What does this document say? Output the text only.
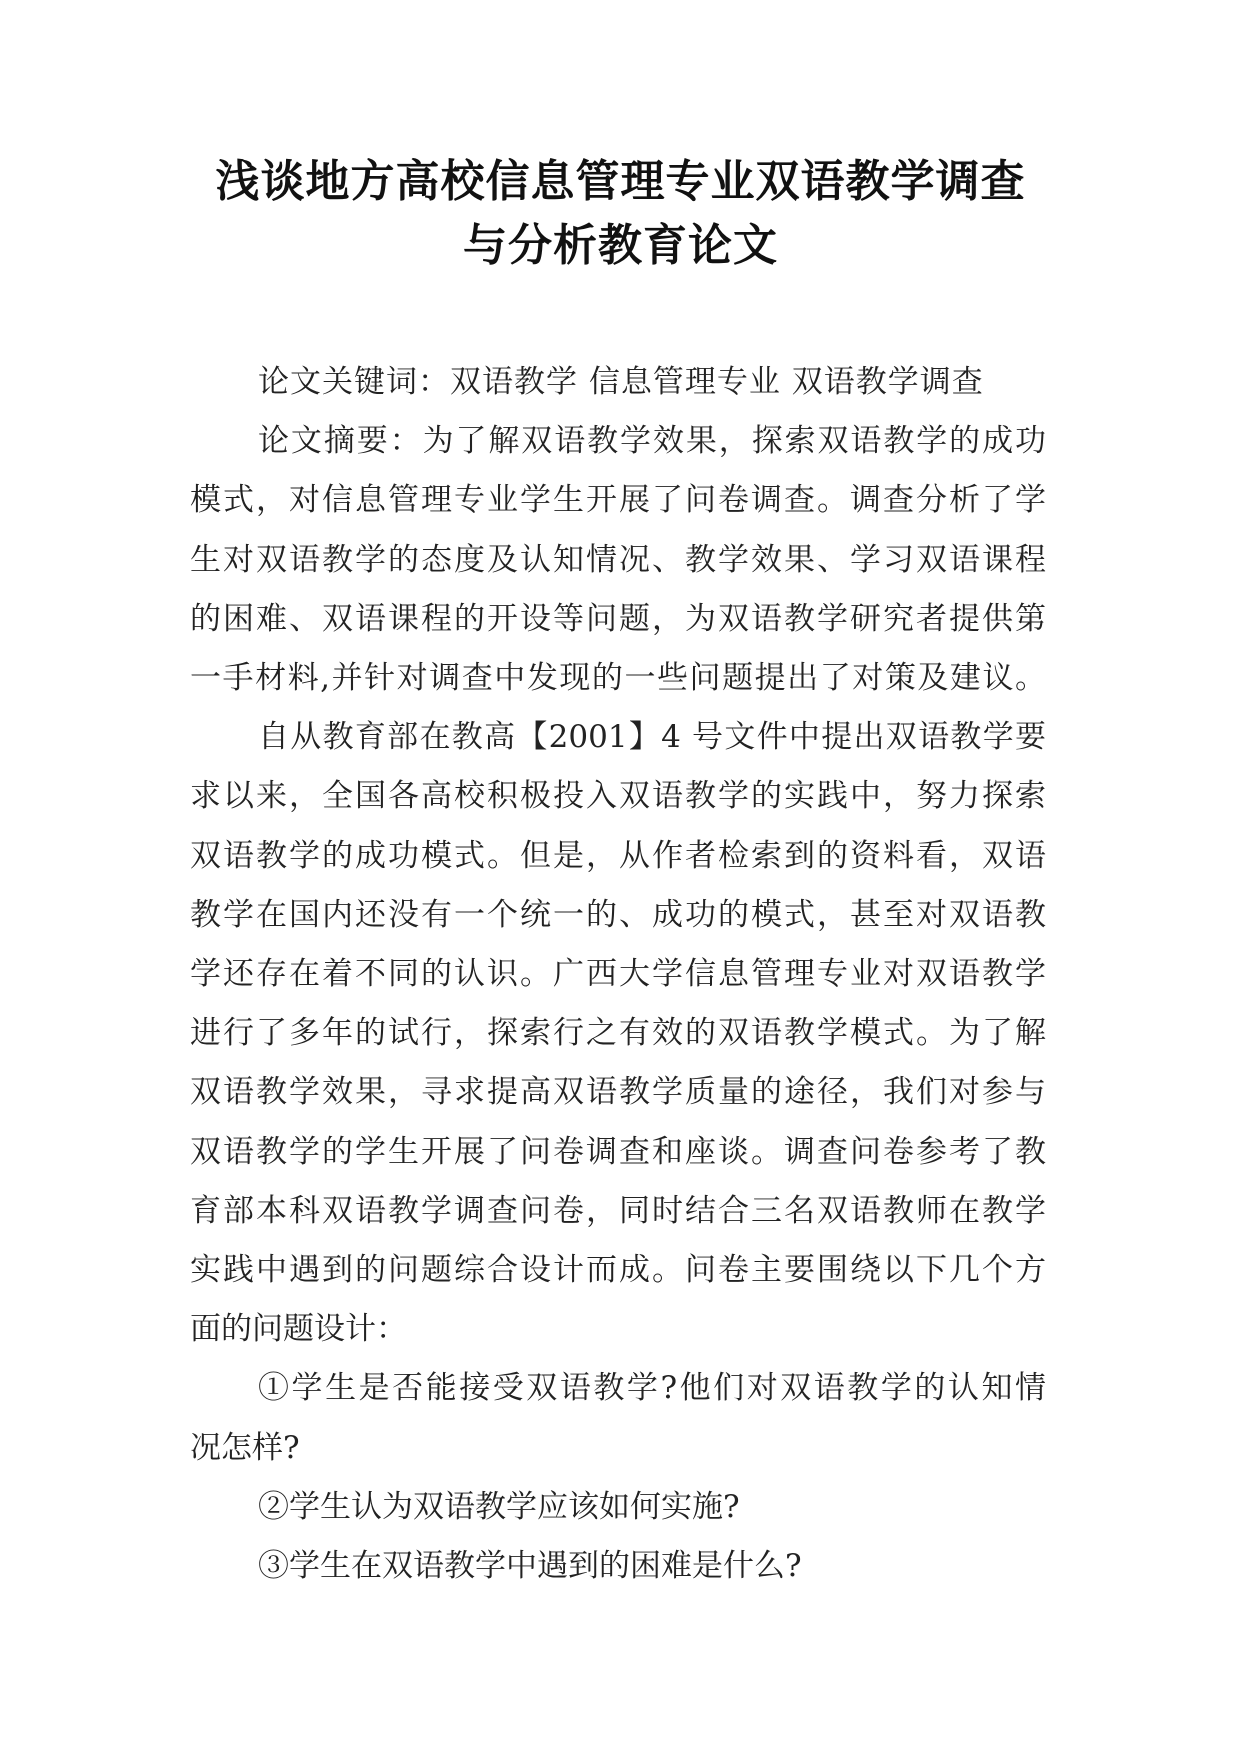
浅谈地方高校信息管理专业双语教学调查
与分析教育论文
论文关键词：双语教学 信息管理专业 双语教学调查
论文摘要：为了解双语教学效果，探索双语教学的成功
模式，对信息管理专业学生开展了问卷调查。调查分析了学
生对双语教学的态度及认知情况、教学效果、学习双语课程
的困难、双语课程的开设等问题，为双语教学研究者提供第
一手材料,并针对调查中发现的一些问题提出了对策及建议。
自从教育部在教高【2001】4 号文件中提出双语教学要
求以来，全国各高校积极投入双语教学的实践中，努力探索
双语教学的成功模式。但是，从作者检索到的资料看，双语
教学在国内还没有一个统一的、成功的模式，甚至对双语教
学还存在着不同的认识。广西大学信息管理专业对双语教学
进行了多年的试行，探索行之有效的双语教学模式。为了解
双语教学效果，寻求提高双语教学质量的途径，我们对参与
双语教学的学生开展了问卷调查和座谈。调查问卷参考了教
育部本科双语教学调查问卷，同时结合三名双语教师在教学
实践中遇到的问题综合设计而成。问卷主要围绕以下几个方
面的问题设计：
①学生是否能接受双语教学?他们对双语教学的认知情
况怎样?
②学生认为双语教学应该如何实施?
③学生在双语教学中遇到的困难是什么?
